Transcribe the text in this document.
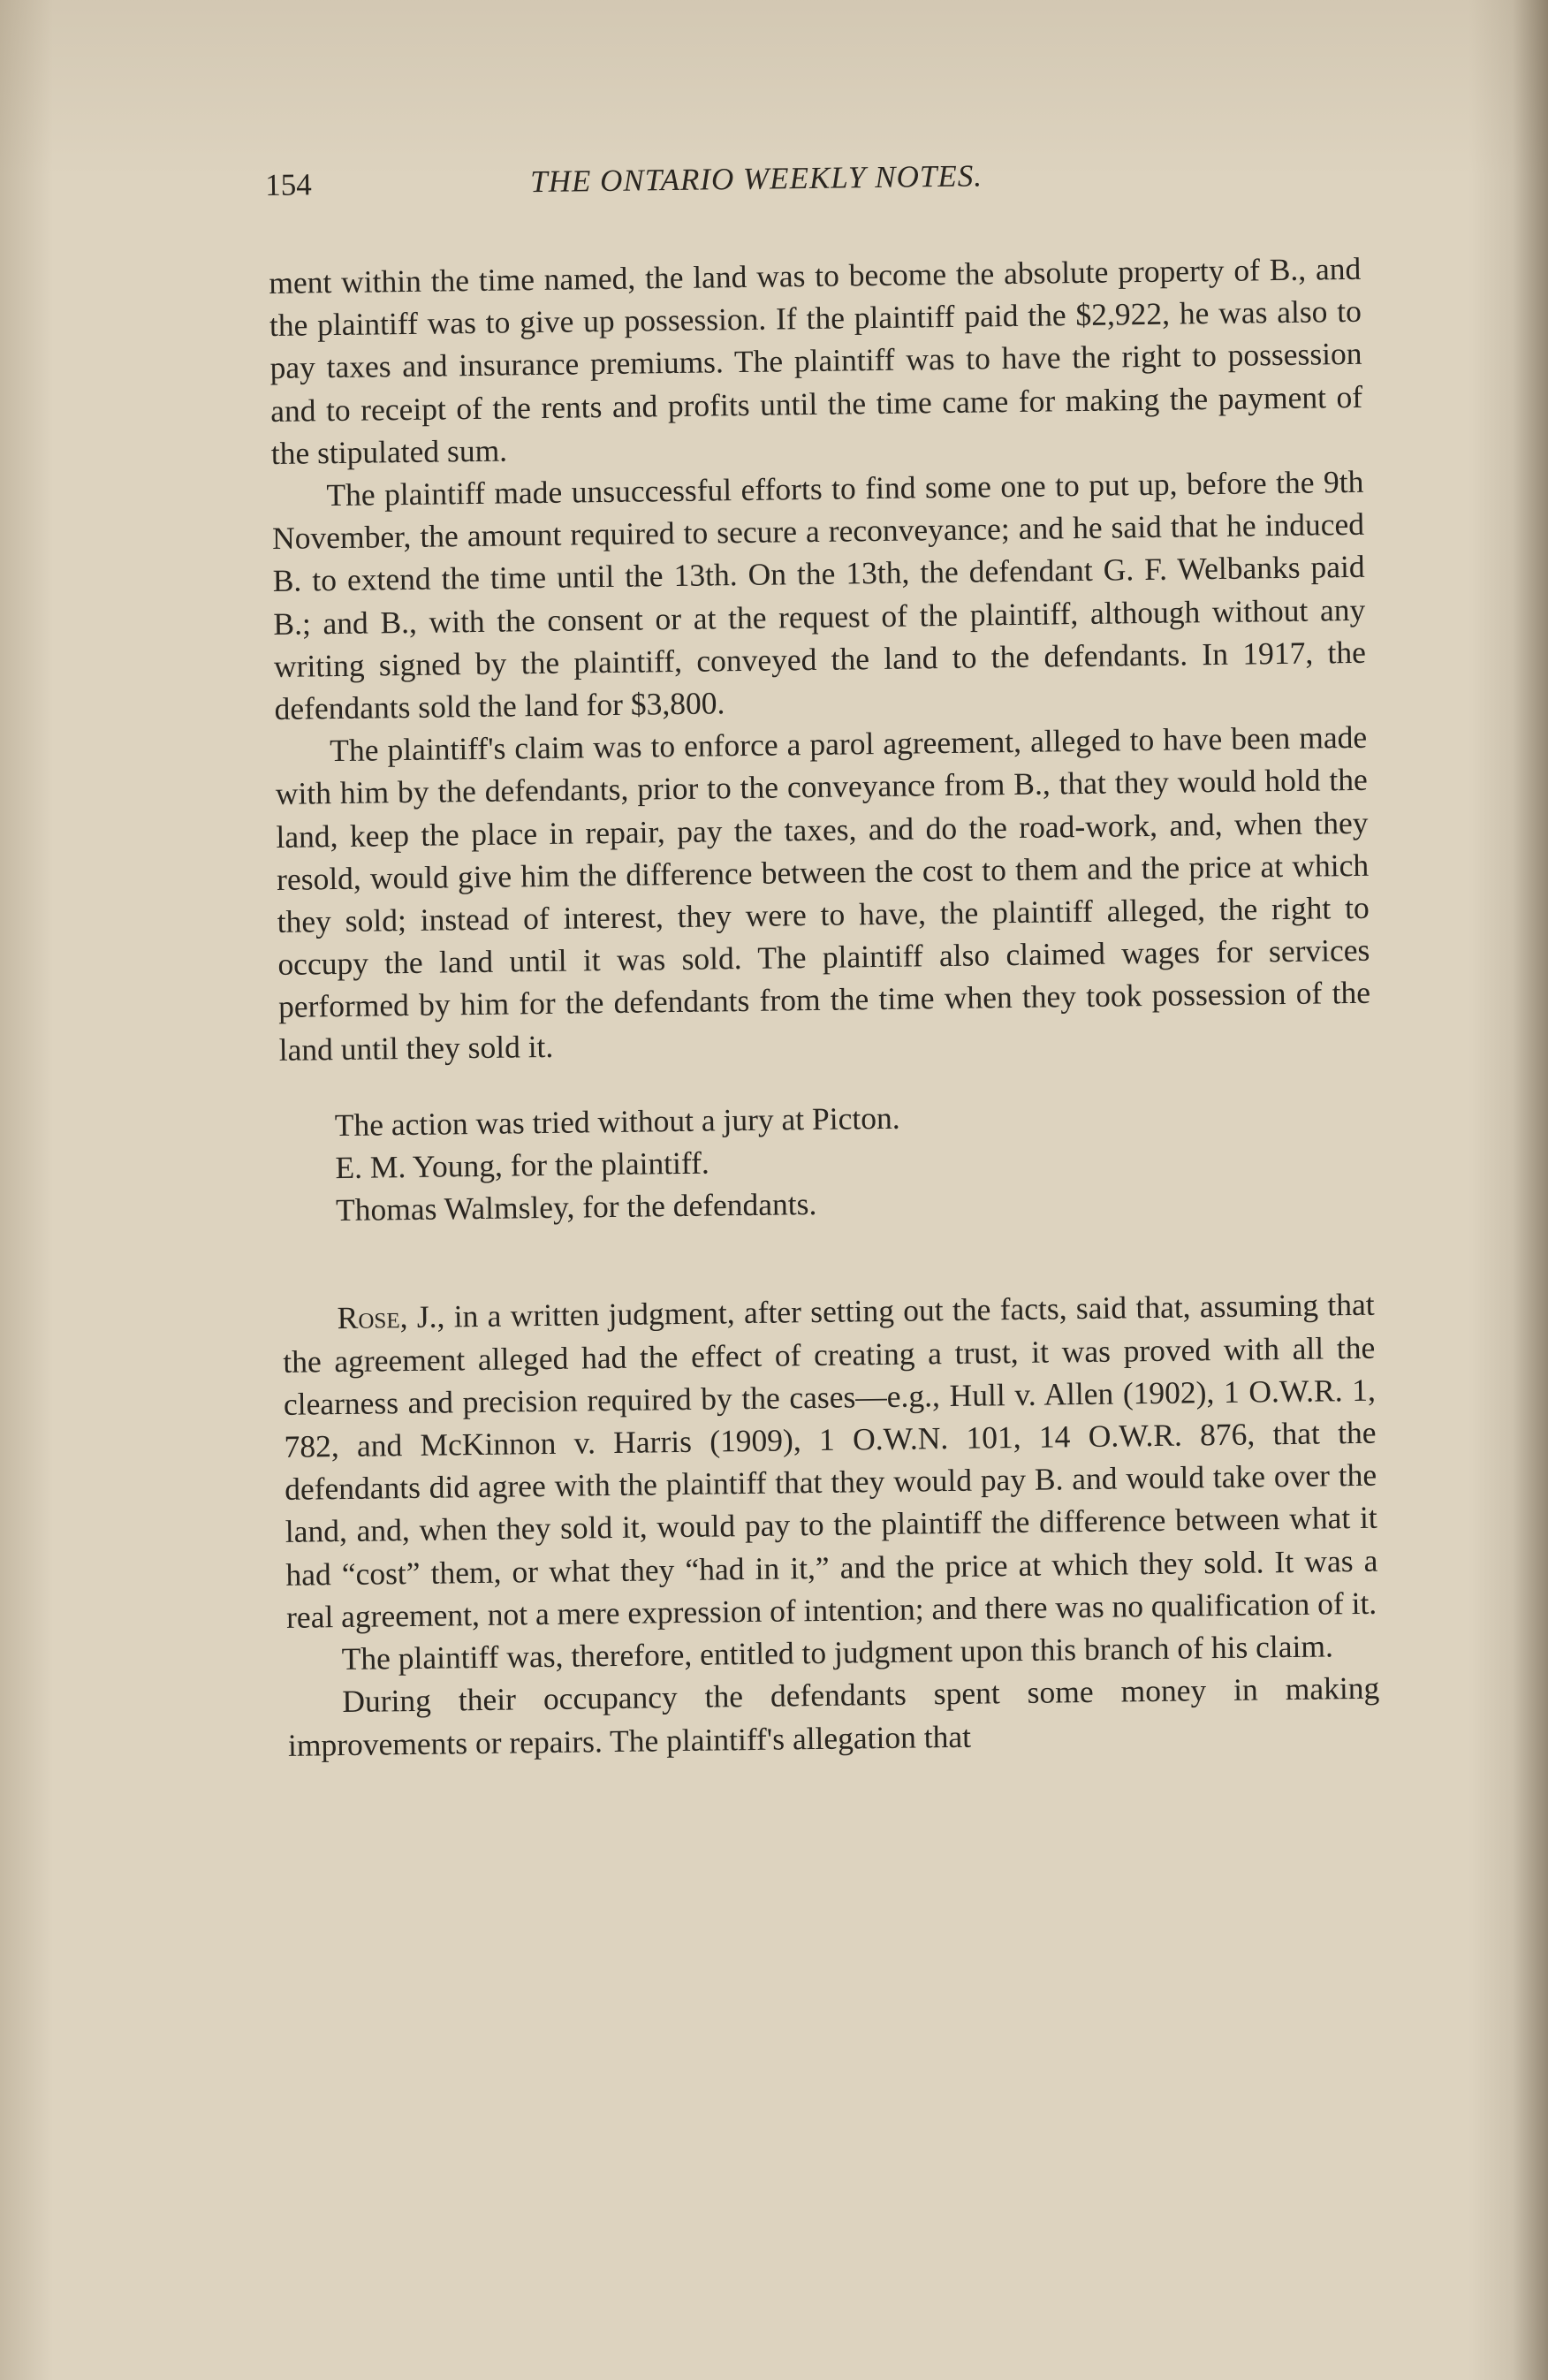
154	THE ONTARIO WEEKLY NOTES.

ment within the time named, the land was to become the absolute property of B., and the plaintiff was to give up possession. If the plaintiff paid the $2,922, he was also to pay taxes and insurance premiums. The plaintiff was to have the right to possession and to receipt of the rents and profits until the time came for making the payment of the stipulated sum.

The plaintiff made unsuccessful efforts to find some one to put up, before the 9th November, the amount required to secure a reconveyance; and he said that he induced B. to extend the time until the 13th. On the 13th, the defendant G. F. Welbanks paid B.; and B., with the consent or at the request of the plaintiff, although without any writing signed by the plaintiff, conveyed the land to the defendants. In 1917, the defendants sold the land for $3,800.

The plaintiff's claim was to enforce a parol agreement, alleged to have been made with him by the defendants, prior to the conveyance from B., that they would hold the land, keep the place in repair, pay the taxes, and do the road-work, and, when they resold, would give him the difference between the cost to them and the price at which they sold; instead of interest, they were to have, the plaintiff alleged, the right to occupy the land until it was sold. The plaintiff also claimed wages for services performed by him for the defendants from the time when they took possession of the land until they sold it.

The action was tried without a jury at Picton.

E. M. Young, for the plaintiff.

Thomas Walmsley, for the defendants.

Rose, J., in a written judgment, after setting out the facts, said that, assuming that the agreement alleged had the effect of creating a trust, it was proved with all the clearness and precision required by the cases—e.g., Hull v. Allen (1902), 1 O.W.R. 1, 782, and McKinnon v. Harris (1909), 1 O.W.N. 101, 14 O.W.R. 876, that the defendants did agree with the plaintiff that they would pay B. and would take over the land, and, when they sold it, would pay to the plaintiff the difference between what it had “cost” them, or what they “had in it,” and the price at which they sold. It was a real agreement, not a mere expression of intention; and there was no qualification of it.

The plaintiff was, therefore, entitled to judgment upon this branch of his claim.

During their occupancy the defendants spent some money in making improvements or repairs. The plaintiff's allegation that
